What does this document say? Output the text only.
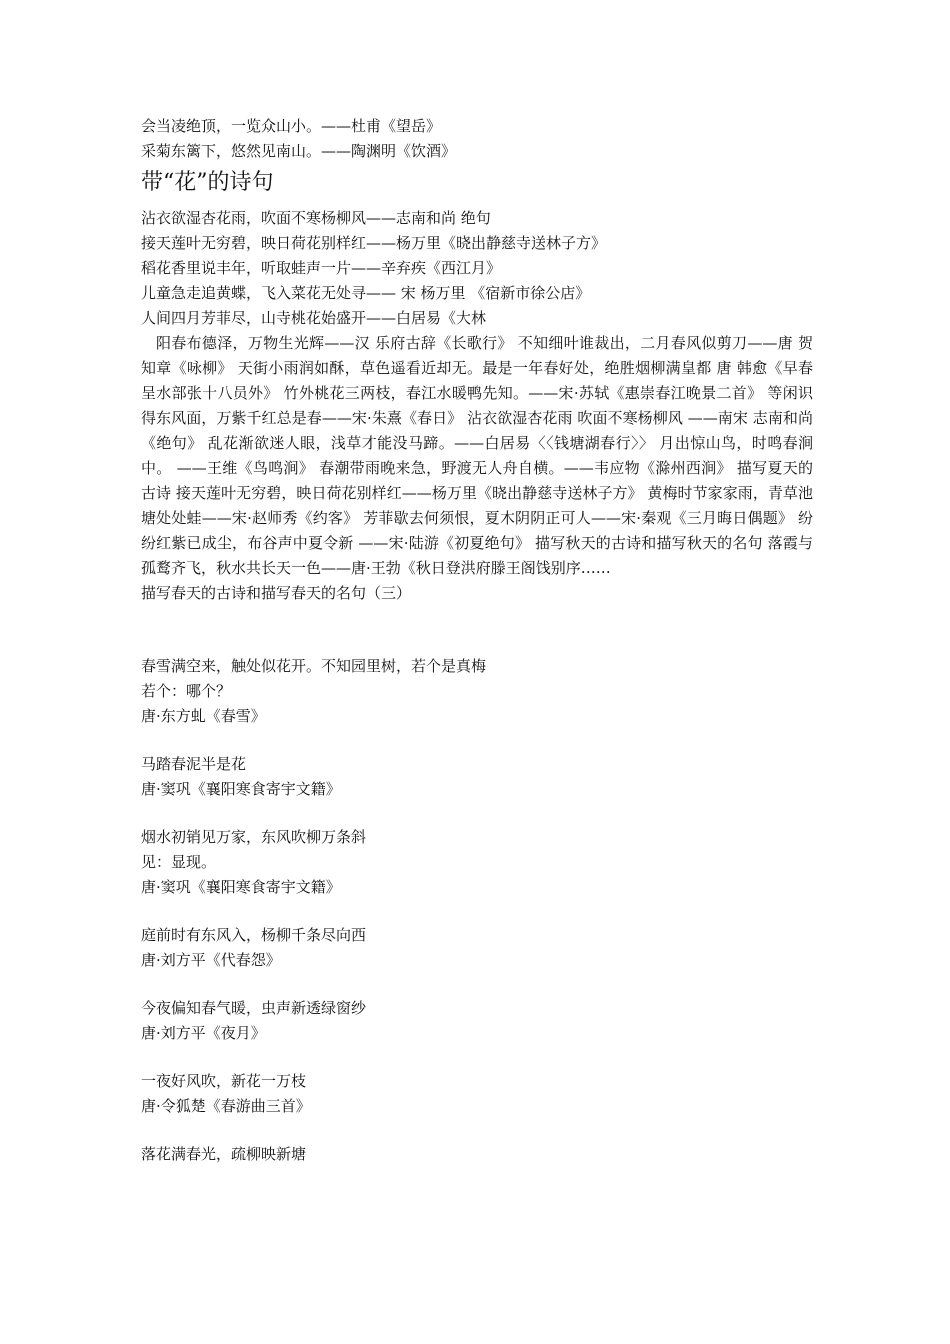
会当凌绝顶，一览众山小。——杜甫《望岳》
采菊东篱下，悠然见南山。——陶渊明《饮酒》
带“花”的诗句
沾衣欲湿杏花雨，吹面不寒杨柳风——志南和尚 绝句
接天莲叶无穷碧，映日荷花别样红——杨万里《晓出静慈寺送林子方》
稻花香里说丰年，听取蛙声一片——辛弃疾《西江月》
儿童急走追黄蝶，飞入菜花无处寻—— 宋 杨万里 《宿新市徐公店》
人间四月芳菲尽，山寺桃花始盛开——白居易《大林

阳春布德泽，万物生光辉——汉 乐府古辞《长歌行》 不知细叶谁裁出，二月春风似剪刀——唐 贺知章《咏柳》 天街小雨润如酥，草色遥看近却无。最是一年春好处，绝胜烟柳满皇都 唐 韩愈《早春呈水部张十八员外》 竹外桃花三两枝，春江水暖鸭先知。——宋·苏轼《惠崇春江晚景二首》 等闲识得东风面，万紫千红总是春——宋·朱熹《春日》 沾衣欲湿杏花雨 吹面不寒杨柳风 ——南宋 志南和尚《绝句》 乱花渐欲迷人眼，浅草才能没马蹄。——白居易〈〈钱塘湖春行〉〉 月出惊山鸟，时鸣春涧中。 ——王维《鸟鸣涧》 春潮带雨晚来急，野渡无人舟自横。——韦应物《滁州西涧》 描写夏天的古诗 接天莲叶无穷碧，映日荷花别样红——杨万里《晓出静慈寺送林子方》 黄梅时节家家雨，青草池塘处处蛙——宋·赵师秀《约客》 芳菲歇去何须恨，夏木阴阴正可人——宋·秦观《三月晦日偶题》 纷纷红紫已成尘，布谷声中夏令新 ——宋·陆游《初夏绝句》 描写秋天的古诗和描写秋天的名句 落霞与孤鹜齐飞，秋水共长天一色——唐·王勃《秋日登洪府滕王阁饯别序……

描写春天的古诗和描写春天的名句（三）
春雪满空来，触处似花开。不知园里树，若个是真梅
若个：哪个？
唐·东方虬《春雪》
马踏春泥半是花
唐·窦巩《襄阳寒食寄宇文籍》
烟水初销见万家，东风吹柳万条斜
见：显现。
唐·窦巩《襄阳寒食寄宇文籍》
庭前时有东风入，杨柳千条尽向西
唐·刘方平《代春怨》
今夜偏知春气暖，虫声新透绿窗纱
唐·刘方平《夜月》
一夜好风吹，新花一万枝
唐·令狐楚《春游曲三首》
落花满春光，疏柳映新塘
